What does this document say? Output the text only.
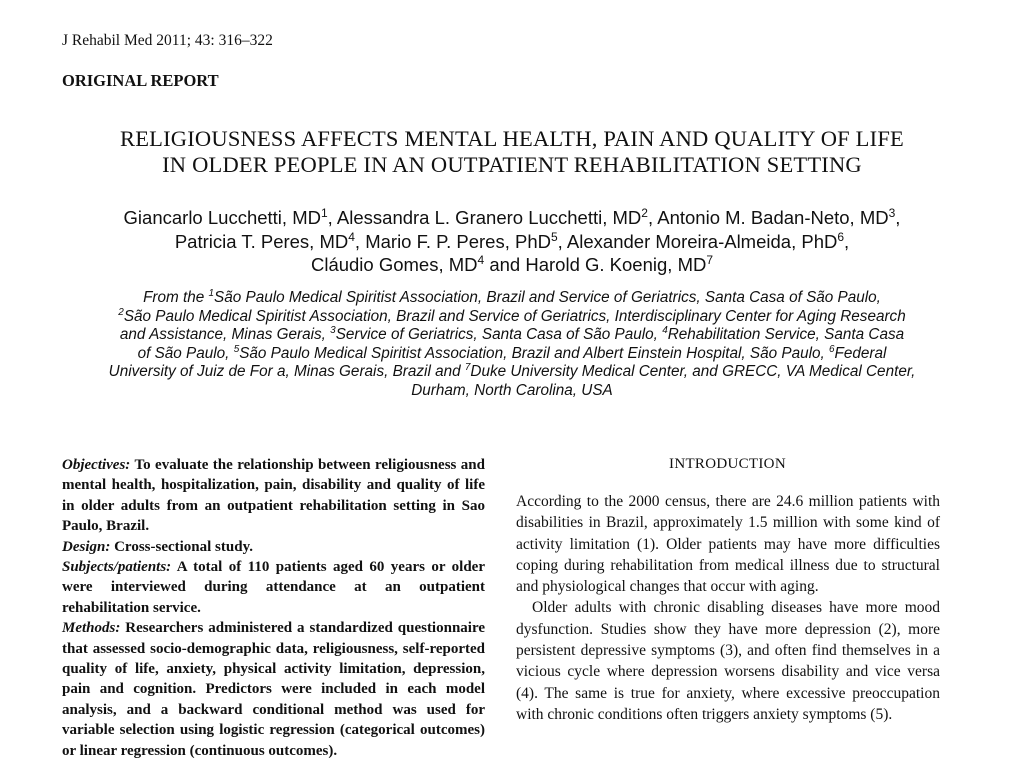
J Rehabil Med 2011; 43: 316–322
ORIGINAL REPORT
RELIGIOUSNESS AFFECTS MENTAL HEALTH, PAIN AND QUALITY OF LIFE
IN OLDER PEOPLE IN AN OUTPATIENT REHABILITATION SETTING
Giancarlo Lucchetti, $MD^1$, Alessandra L. Granero Lucchetti, $MD^2$, Antonio M. Badan-Neto, $MD^3$,
Patricia T. Peres, $MD^4$, Mario F. P. Peres, PhD$^5$, Alexander Moreira-Almeida, PhD$^6$,
Cláudio Gomes, $MD^4$ and Harold G. Koenig, $MD^7$
From the $^1$São Paulo Medical Spiritist Association, Brazil and Service of Geriatrics, Santa Casa of São Paulo,
$^2$São Paulo Medical Spiritist Association, Brazil and Service of Geriatrics, Interdisciplinary Center for Aging Research
and Assistance, Minas Gerais, $^3$Service of Geriatrics, Santa Casa of São Paulo, $^4$Rehabilitation Service, Santa Casa
of São Paulo, $^5$São Paulo Medical Spiritist Association, Brazil and Albert Einstein Hospital, São Paulo, $^6$Federal
University of Juiz de For a, Minas Gerais, Brazil and $^7$Duke University Medical Center, and GRECC, VA Medical Center,
Durham, North Carolina, USA

Objectives: To evaluate the relationship between religiousness and mental health, hospitalization, pain, disability and quality of life in older adults from an outpatient rehabilitation setting in Sao Paulo, Brazil.

Design: Cross-sectional study.

Subjects/patients: A total of 110 patients aged 60 years or older were interviewed during attendance at an outpatient rehabilitation service.

Methods: Researchers administered a standardized questionnaire that assessed socio-demographic data, religiousness, self-reported quality of life, anxiety, physical activity limitation, depression, pain and cognition. Predictors were included in each model analysis, and a backward conditional method was used for variable selection using logistic regression (categorical outcomes) or linear regression (continuous outcomes).

INTRODUCTION

According to the 2000 census, there are 24.6 million patients with disabilities in Brazil, approximately 1.5 million with some kind of activity limitation (1). Older patients may have more difficulties coping during rehabilitation from medical illness due to structural and physiological changes that occur with aging.

Older adults with chronic disabling diseases have more mood dysfunction. Studies show they have more depression (2), more persistent depressive symptoms (3), and often find themselves in a vicious cycle where depression worsens disability and vice versa (4). The same is true for anxiety, where excessive preoccupation with chronic conditions often triggers anxiety symptoms (5).
